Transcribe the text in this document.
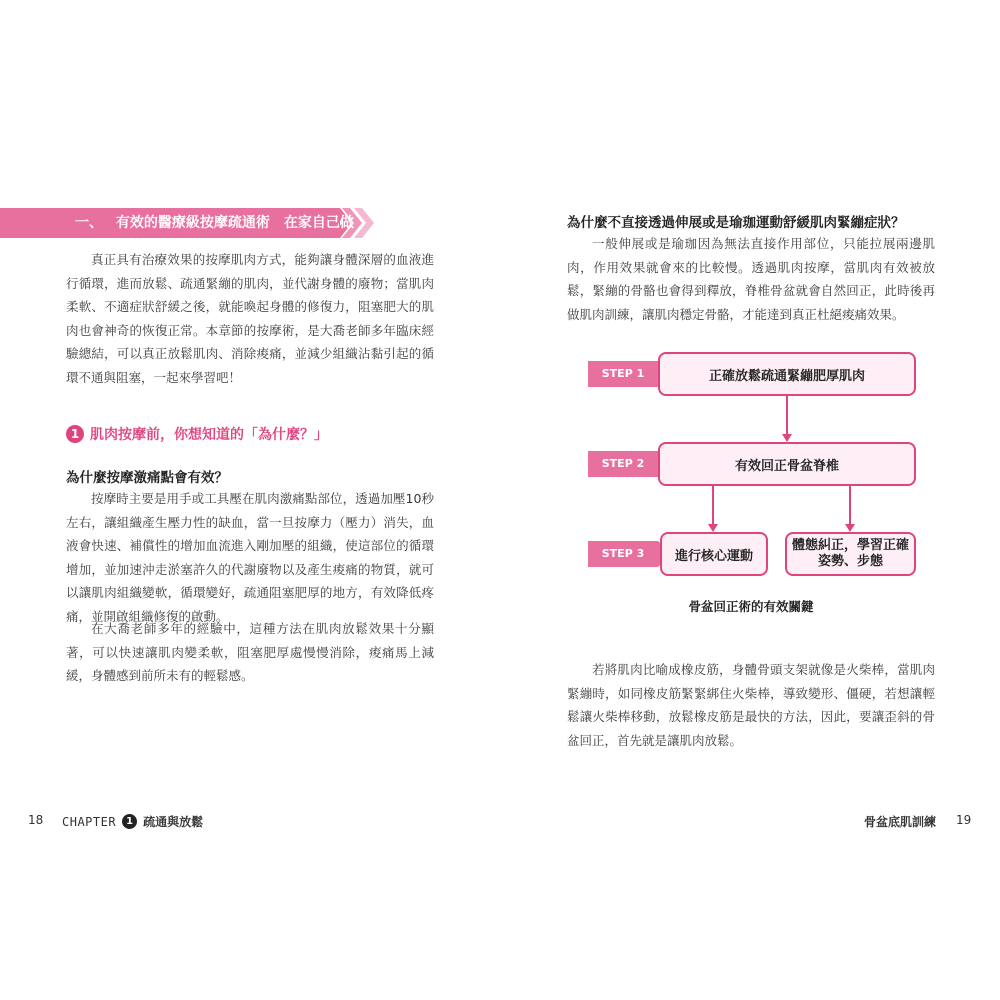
一、 有效的醫療級按摩疏通術　在家自己做
真正具有治療效果的按摩肌肉方式，能夠讓身體深層的血液進行循環，進而放鬆、疏通緊繃的肌肉，並代謝身體的廢物；當肌肉柔軟、不適症狀舒緩之後，就能喚起身體的修復力，阻塞肥大的肌肉也會神奇的恢復正常。本章節的按摩術，是大喬老師多年臨床經驗總結，可以真正放鬆肌肉、消除痠痛，並減少組織沾黏引起的循環不通與阻塞，一起來學習吧！
1 肌肉按摩前，你想知道的「為什麼？」
為什麼按摩激痛點會有效？
按摩時主要是用手或工具壓在肌肉激痛點部位，透過加壓10秒左右，讓組織產生壓力性的缺血，當一旦按摩力（壓力）消失，血液會快速、補償性的增加血流進入剛加壓的組織，使這部位的循環增加，並加速沖走淤塞許久的代謝廢物以及產生痠痛的物質，就可以讓肌肉組織變軟，循環變好，疏通阻塞肥厚的地方，有效降低疼痛，並開啟組織修復的啟動。
在大喬老師多年的經驗中，這種方法在肌肉放鬆效果十分顯著，可以快速讓肌肉變柔軟，阻塞肥厚處慢慢消除，痠痛馬上減緩，身體感到前所未有的輕鬆感。
18 CHAPTER	1 疏通與放鬆
為什麼不直接透過伸展或是瑜珈運動舒緩肌肉緊繃症狀？
一般伸展或是瑜珈因為無法直接作用部位，只能拉展兩邊肌肉，作用效果就會來的比較慢。透過肌肉按摩，當肌肉有效被放鬆，緊繃的骨骼也會得到釋放，脊椎骨盆就會自然回正，此時後再做肌肉訓練，讓肌肉穩定骨骼，才能達到真正杜絕痠痛效果。
STEP 1
STEP 2
STEP 3
正確放鬆疏通緊繃肥厚肌肉
有效回正骨盆脊椎
進行核心運動
體態糾正，學習正確
姿勢、步態
骨盆回正術的有效關鍵
若將肌肉比喻成橡皮筋，身體骨頭支架就像是火柴棒，當肌肉緊繃時，如同橡皮筋緊緊綁住火柴棒，導致變形、僵硬，若想讓輕鬆讓火柴棒移動，放鬆橡皮筋是最快的方法，因此，要讓歪斜的骨盆回正，首先就是讓肌肉放鬆。
骨盆底肌訓練 19
